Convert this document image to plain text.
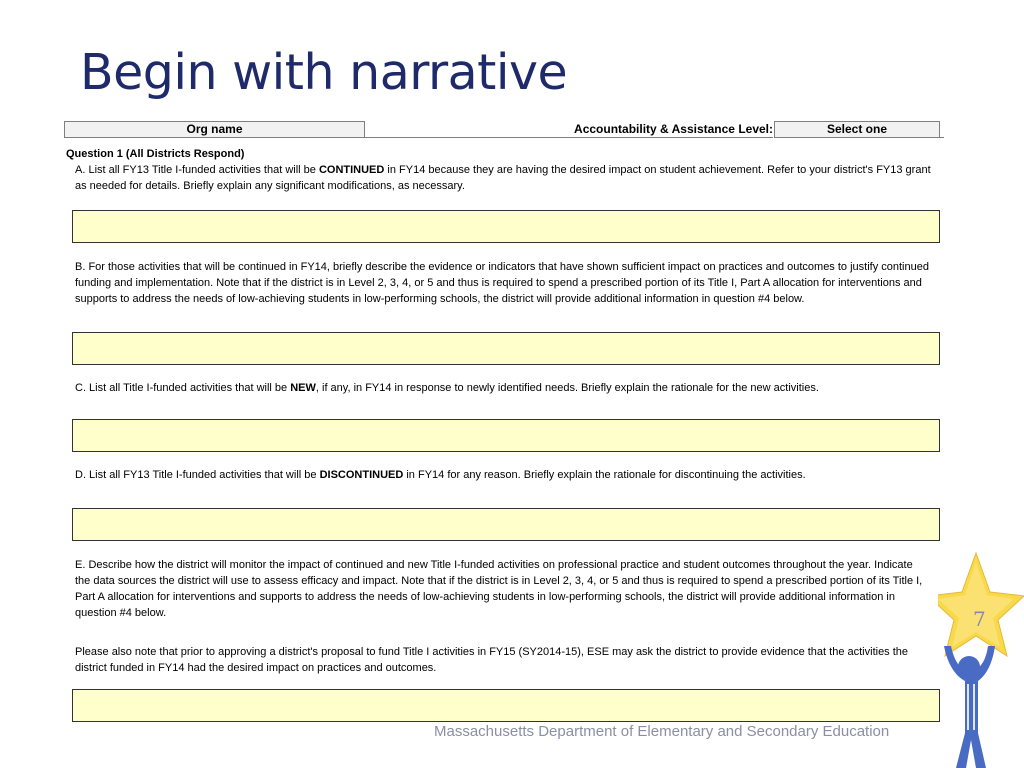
Begin with narrative
Org name	Accountability & Assistance Level:	Select one
Question 1 (All Districts Respond)
A. List all FY13 Title I-funded activities that will be CONTINUED in FY14 because they are having the desired impact on student achievement. Refer to your district's FY13 grant as needed for details. Briefly explain any significant modifications, as necessary.
B. For those activities that will be continued in FY14, briefly describe the evidence or indicators that have shown sufficient impact on practices and outcomes to justify continued funding and implementation. Note that if the district is in Level 2, 3, 4, or 5 and thus is required to spend a prescribed portion of its Title I, Part A allocation for interventions and supports to address the needs of low-achieving students in low-performing schools, the district will provide additional information in question #4 below.
C. List all Title I-funded activities that will be NEW, if any, in FY14 in response to newly identified needs. Briefly explain the rationale for the new activities.
D. List all FY13 Title I-funded activities that will be DISCONTINUED in FY14 for any reason. Briefly explain the rationale for discontinuing the activities.
E. Describe how the district will monitor the impact of continued and new Title I-funded activities on professional practice and student outcomes throughout the year. Indicate the data sources the district will use to assess efficacy and impact. Note that if the district is in Level 2, 3, 4, or 5 and thus is required to spend a prescribed portion of its Title I, Part A allocation for interventions and supports to address the needs of low-achieving students in low-performing schools, the district will provide additional information in question #4 below.
Please also note that prior to approving a district's proposal to fund Title I activities in FY15 (SY2014-15), ESE may ask the district to provide evidence that the activities the district funded in FY14 had the desired impact on practices and outcomes.
7
Massachusetts Department of Elementary and Secondary Education
